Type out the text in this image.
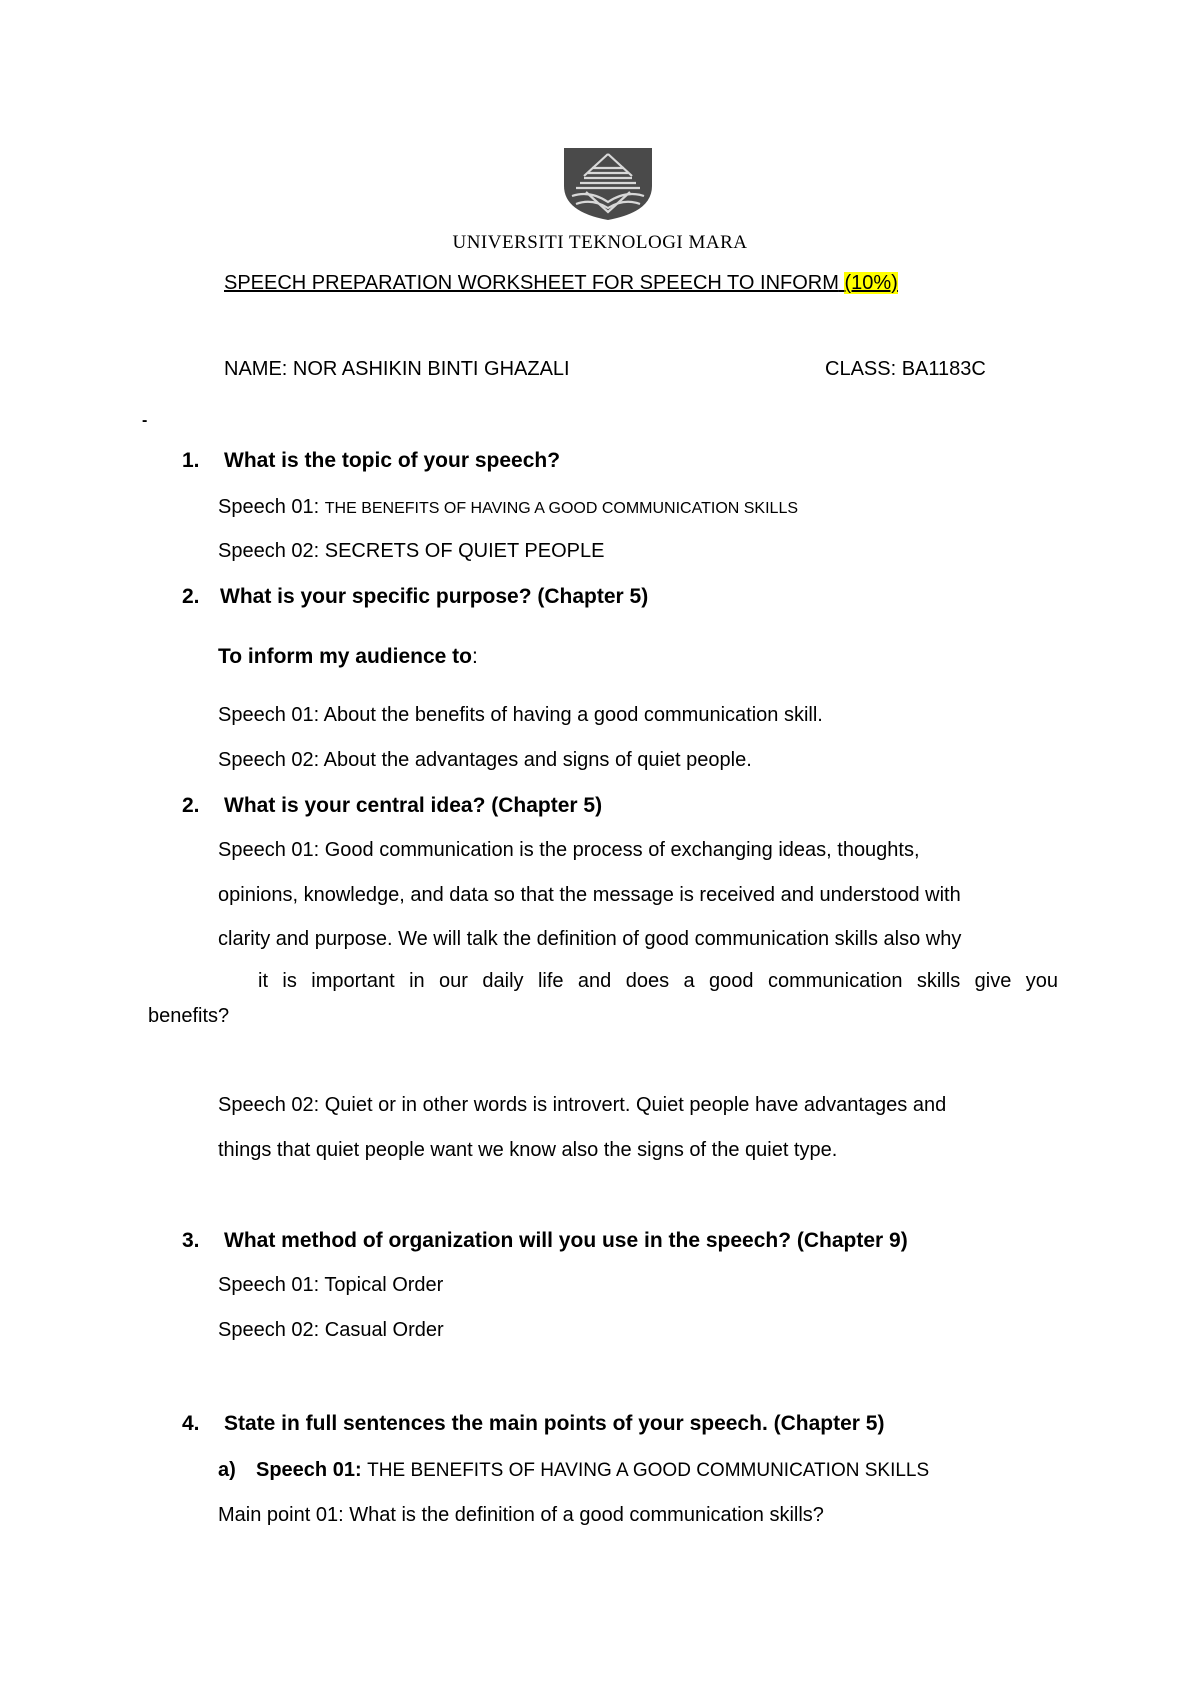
UNIVERSITI TEKNOLOGI MARA
SPEECH PREPARATION WORKSHEET FOR SPEECH TO INFORM (10%)
NAME: NOR ASHIKIN BINTI GHAZALI	CLASS: BA1183C
-
1. What is the topic of your speech?
Speech 01: THE BENEFITS OF HAVING A GOOD COMMUNICATION SKILLS
Speech 02: SECRETS OF QUIET PEOPLE
2. What is your specific purpose? (Chapter 5)
To inform my audience to:
Speech 01: About the benefits of having a good communication skill.
Speech 02: About the advantages and signs of quiet people.
2. What is your central idea? (Chapter 5)
Speech 01: Good communication is the process of exchanging ideas, thoughts,
opinions, knowledge, and data so that the message is received and understood with
clarity and purpose. We will talk the definition of good communication skills also why
it is important in our daily life and does a good communication skills give you
benefits?
Speech 02: Quiet or in other words is introvert. Quiet people have advantages and
things that quiet people want we know also the signs of the quiet type.
3. What method of organization will you use in the speech? (Chapter 9)
Speech 01: Topical Order
Speech 02: Casual Order
4. State in full sentences the main points of your speech. (Chapter 5)
a) Speech 01: THE BENEFITS OF HAVING A GOOD COMMUNICATION SKILLS
Main point 01: What is the definition of a good communication skills?
